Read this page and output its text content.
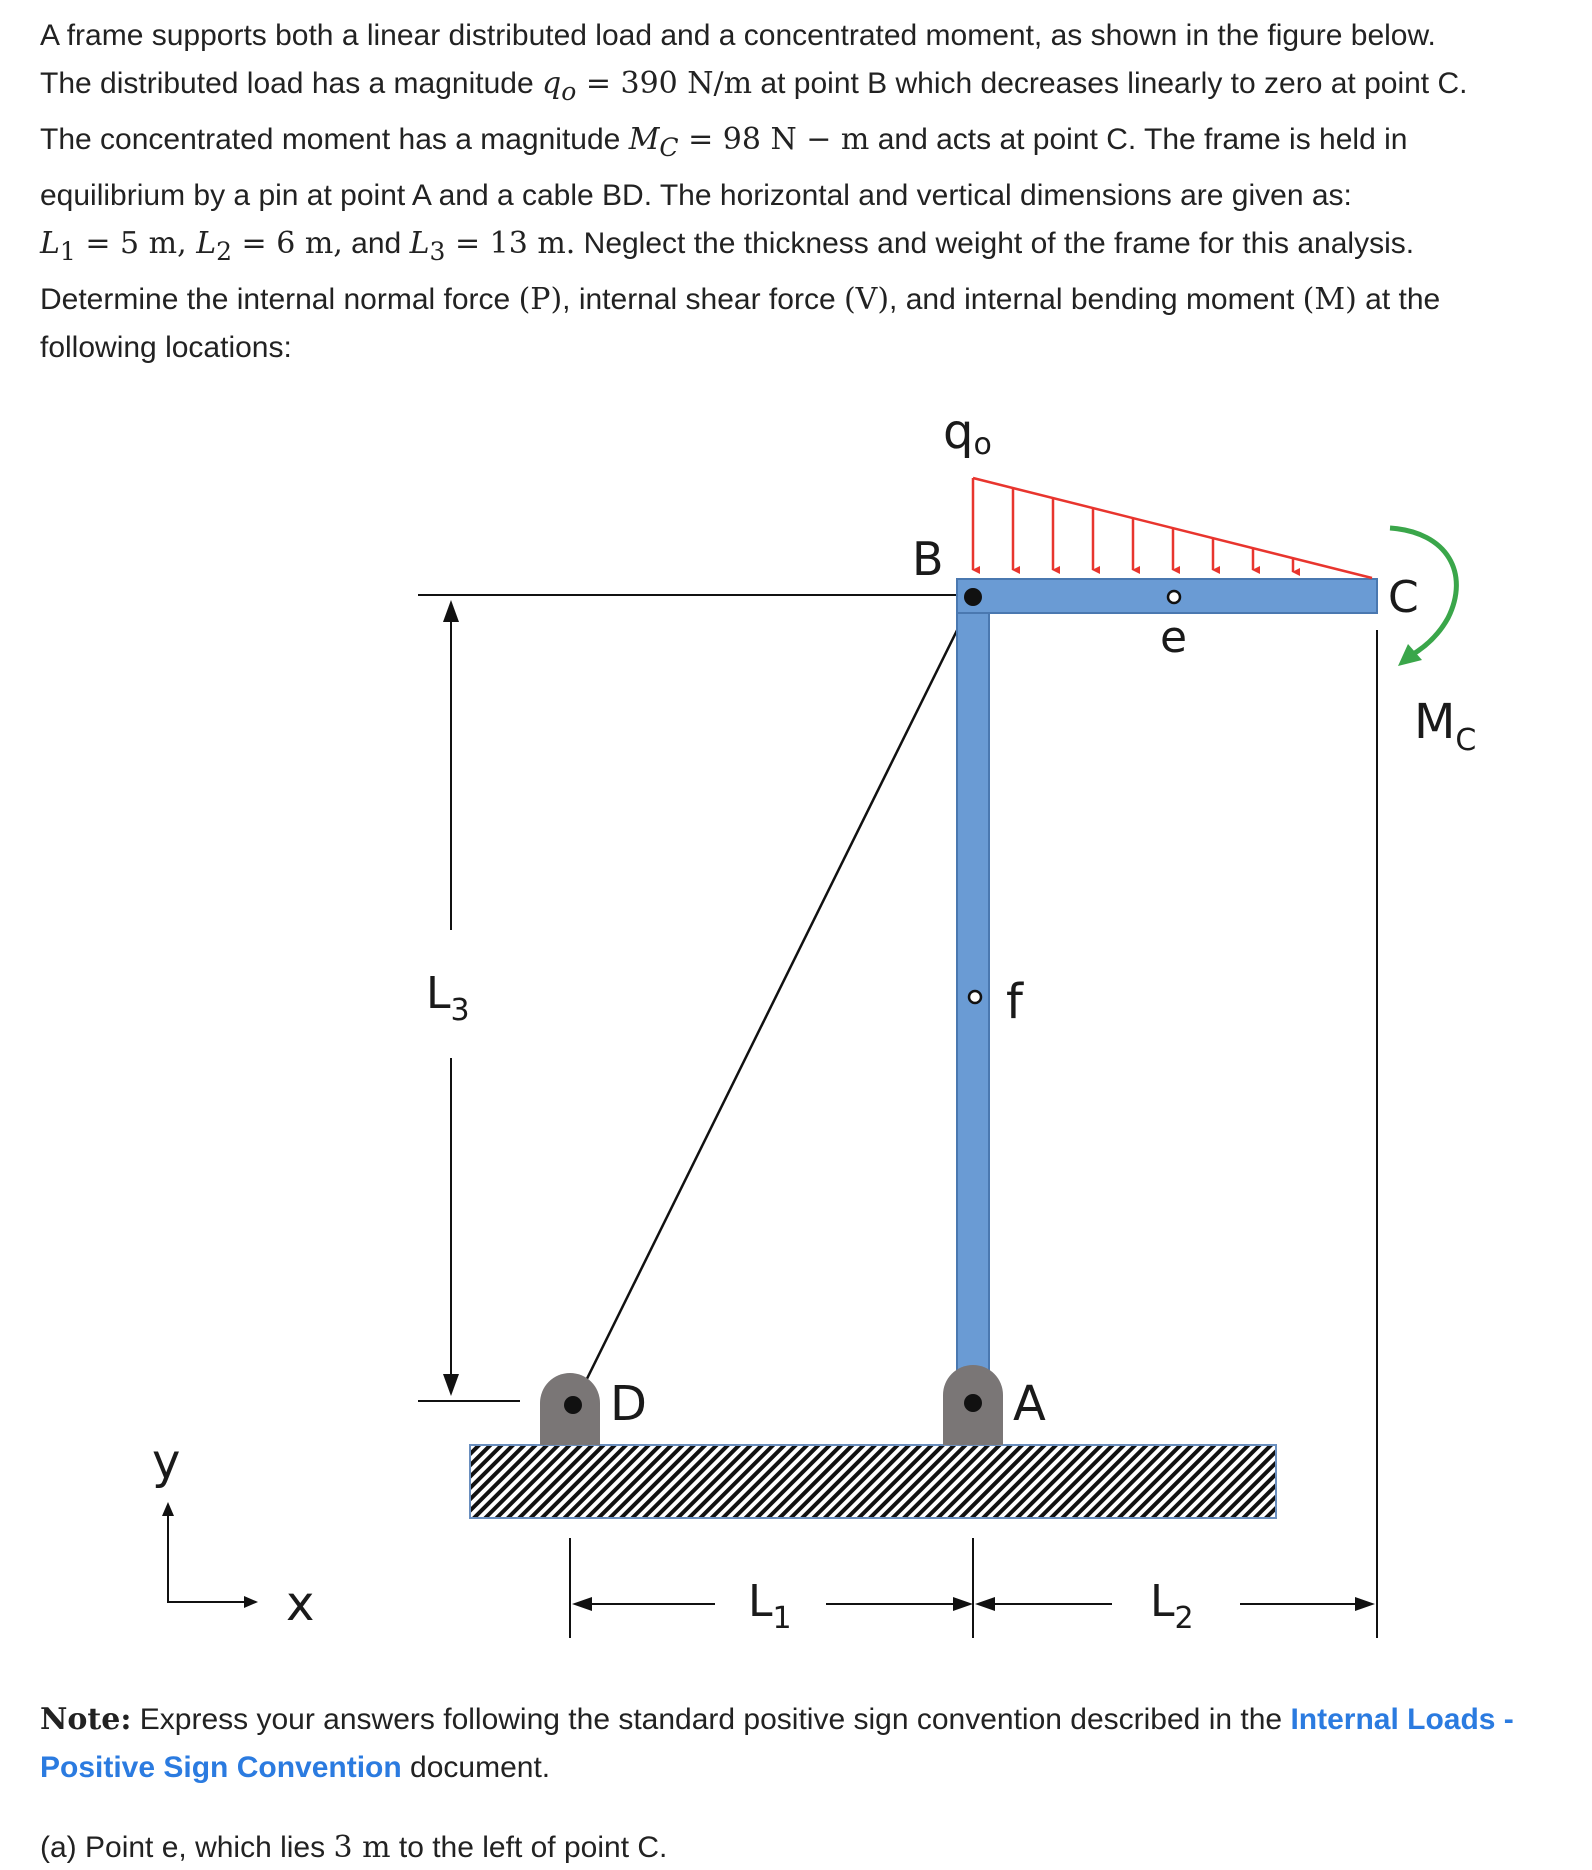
A frame supports both a linear distributed load and a concentrated moment, as shown in the figure below.

The distributed load has a magnitude $q_o = 390$ N/m at point B which decreases linearly to zero at point C.

The concentrated moment has a magnitude $M_C = 98$ N − m and acts at point C. The frame is held in

equilibrium by a pin at point A and a cable BD. The horizontal and vertical dimensions are given as:

$L_1 = 5$ m, $L_2 = 6$ m, and $L_3 = 13$ m. Neglect the thickness and weight of the frame for this analysis.

Determine the internal normal force (P), internal shear force (V), and internal bending moment (M) at the

following locations:

$L_3$
qo
B
C
e
f
D	A
$M_C$
$L_1$	$L_2$
y
x
Note: Express your answers following the standard positive sign convention described in the Internal Loads - Positive Sign Convention document.
(a) Point e, which lies 3 m to the left of point C.
